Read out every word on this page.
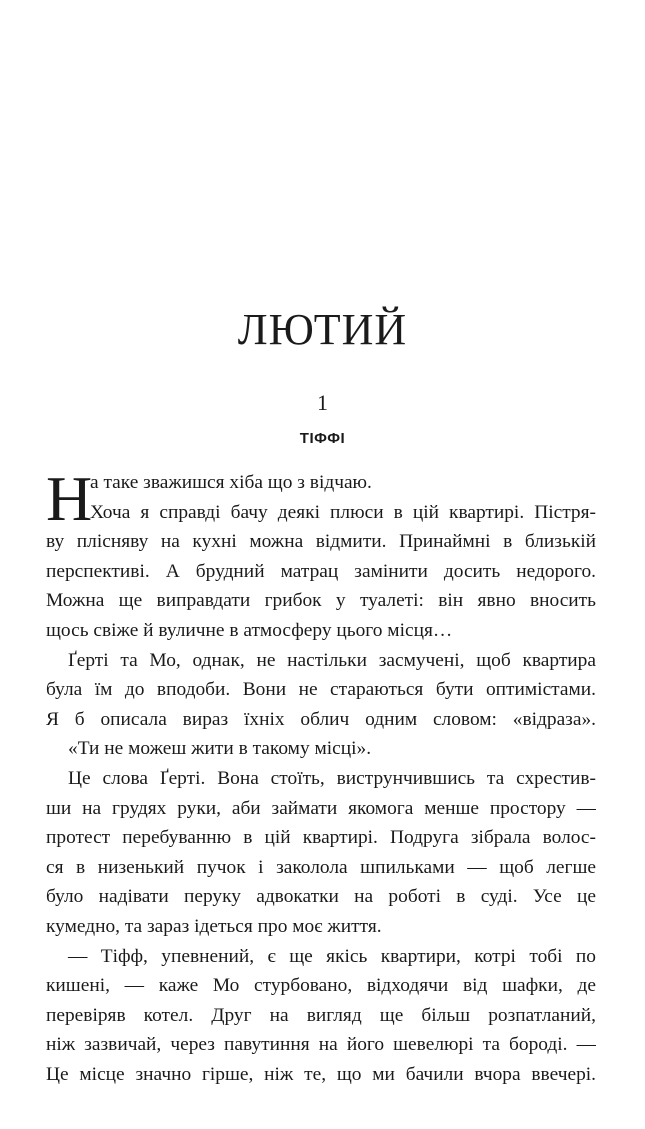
ЛЮТИЙ
1
ТІФФІ
Н
а таке зважишся хіба що з відчаю.
Хоча я справді бачу деякі плюси в цій квартирі. Пістря-
ву плісняву на кухні можна відмити. Принаймні в близькій
перспективі. А брудний матрац замінити досить недорого.
Можна ще виправдати грибок у туалеті: він явно вносить
щось свіже й вуличне в атмосферу цього місця…
Ґерті та Мо, однак, не настільки засмучені, щоб квартира
була їм до вподоби. Вони не стараються бути оптимістами.
Я б описала вираз їхніх облич одним словом: «відраза».
«Ти не можеш жити в такому місці».
Це слова Ґерті. Вона стоїть, виструнчившись та схрестив-
ши на грудях руки, аби займати якомога менше простору —
протест перебуванню в цій квартирі. Подруга зібрала волос-
ся в низенький пучок і заколола шпильками — щоб легше
було надівати перуку адвокатки на роботі в суді. Усе це
кумедно, та зараз ідеться про моє життя.
— Тіфф, упевнений, є ще якісь квартири, котрі тобі по
кишені, — каже Мо стурбовано, відходячи від шафки, де
перевіряв котел. Друг на вигляд ще більш розпатланий,
ніж зазвичай, через павутиння на його шевелюрі та бороді. —
Це місце значно гірше, ніж те, що ми бачили вчора ввечері.
